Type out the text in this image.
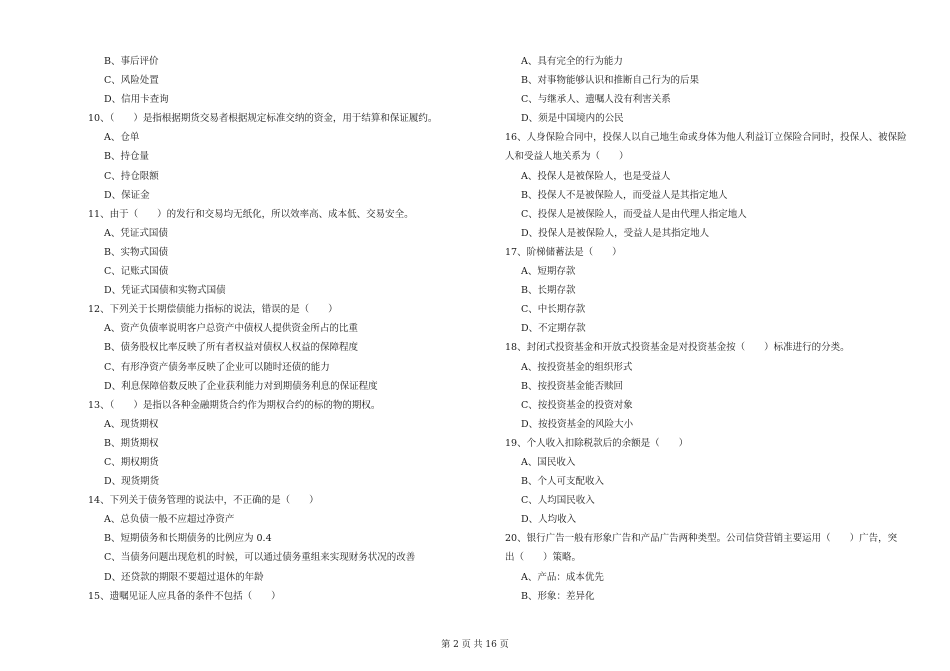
B、事后评价
C、风险处置
D、信用卡查询
10、（　　）是指根据期货交易者根据规定标准交纳的资金，用于结算和保证履约。
A、仓单
B、持仓量
C、持仓限额
D、保证金
11、由于（　　）的发行和交易均无纸化，所以效率高、成本低、交易安全。
A、凭证式国债
B、实物式国债
C、记账式国债
D、凭证式国债和实物式国债
12、下列关于长期偿债能力指标的说法，错误的是（　　）
A、资产负债率说明客户总资产中债权人提供资金所占的比重
B、债务股权比率反映了所有者权益对债权人权益的保障程度
C、有形净资产债务率反映了企业可以随时还债的能力
D、利息保障倍数反映了企业获利能力对到期债务利息的保证程度
13、（　　）是指以各种金融期货合约作为期权合约的标的物的期权。
A、现货期权
B、期货期权
C、期权期货
D、现货期货
14、下列关于债务管理的说法中，不正确的是（　　）
A、总负债一般不应超过净资产
B、短期债务和长期债务的比例应为 0.4
C、当债务问题出现危机的时候，可以通过债务重组来实现财务状况的改善
D、还贷款的期限不要超过退休的年龄
15、遗嘱见证人应具备的条件不包括（　　）
A、具有完全的行为能力
B、对事物能够认识和推断自己行为的后果
C、与继承人、遗嘱人没有利害关系
D、须是中国境内的公民
16、人身保险合同中，投保人以自己地生命或身体为他人利益订立保险合同时，投保人、被保险
人和受益人地关系为（　　）
A、投保人是被保险人，也是受益人
B、投保人不是被保险人，而受益人是其指定地人
C、投保人是被保险人，而受益人是由代理人指定地人
D、投保人是被保险人，受益人是其指定地人
17、阶梯储蓄法是（　　）
A、短期存款
B、长期存款
C、中长期存款
D、不定期存款
18、封闭式投资基金和开放式投资基金是对投资基金按（　　）标准进行的分类。
A、按投资基金的组织形式
B、按投资基金能否赎回
C、按投资基金的投资对象
D、按投资基金的风险大小
19、个人收入扣除税款后的余额是（　　）
A、国民收入
B、个人可支配收入
C、人均国民收入
D、人均收入
20、银行广告一般有形象广告和产品广告两种类型。公司信贷营销主要运用（　　）广告，突
出（　　）策略。
A、产品：成本优先
B、形象：差异化
第 2 页 共 16 页
